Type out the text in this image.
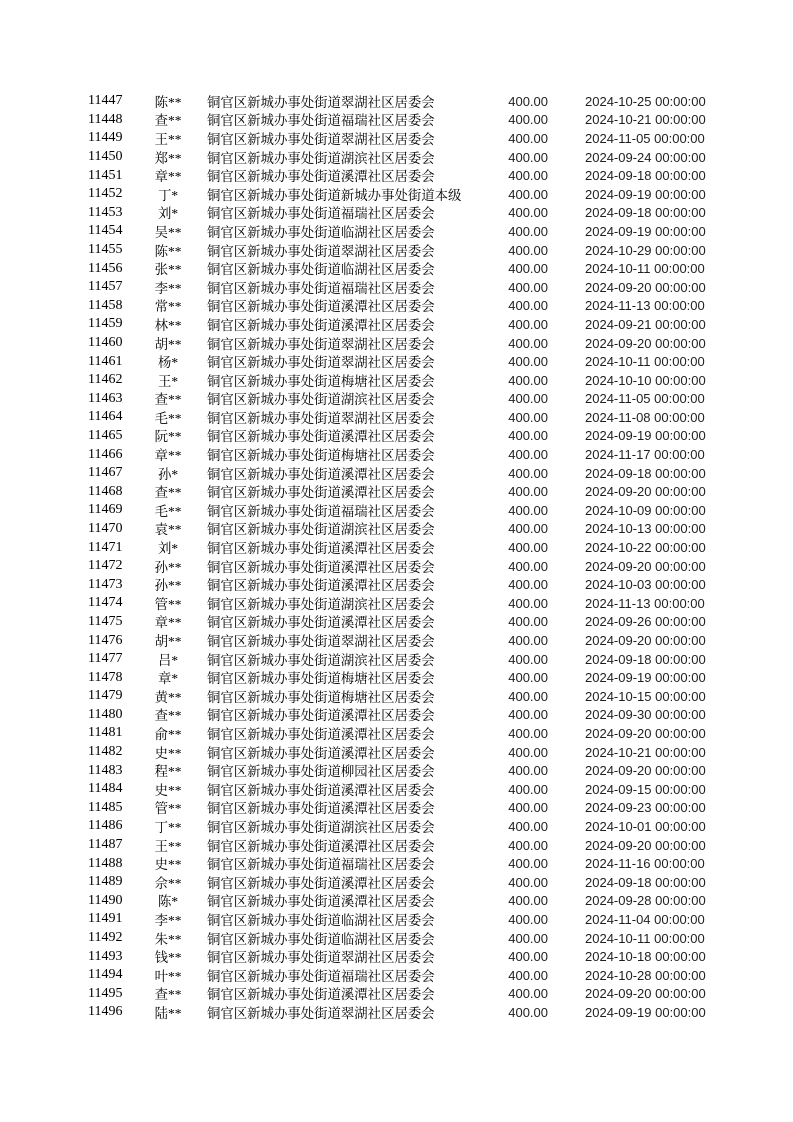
11447	陈**	铜官区新城办事处街道翠湖社区居委会	400.00	2024-10-25 00:00:00
11448	查**	铜官区新城办事处街道福瑞社区居委会	400.00	2024-10-21 00:00:00
11449	王**	铜官区新城办事处街道翠湖社区居委会	400.00	2024-11-05 00:00:00
11450	郑**	铜官区新城办事处街道湖滨社区居委会	400.00	2024-09-24 00:00:00
11451	章**	铜官区新城办事处街道溪潭社区居委会	400.00	2024-09-18 00:00:00
11452	丁*	铜官区新城办事处街道新城办事处街道本级	400.00	2024-09-19 00:00:00
11453	刘*	铜官区新城办事处街道福瑞社区居委会	400.00	2024-09-18 00:00:00
11454	吴**	铜官区新城办事处街道临湖社区居委会	400.00	2024-09-19 00:00:00
11455	陈**	铜官区新城办事处街道翠湖社区居委会	400.00	2024-10-29 00:00:00
11456	张**	铜官区新城办事处街道临湖社区居委会	400.00	2024-10-11 00:00:00
11457	李**	铜官区新城办事处街道福瑞社区居委会	400.00	2024-09-20 00:00:00
11458	常**	铜官区新城办事处街道溪潭社区居委会	400.00	2024-11-13 00:00:00
11459	林**	铜官区新城办事处街道溪潭社区居委会	400.00	2024-09-21 00:00:00
11460	胡**	铜官区新城办事处街道翠湖社区居委会	400.00	2024-09-20 00:00:00
11461	杨*	铜官区新城办事处街道翠湖社区居委会	400.00	2024-10-11 00:00:00
11462	王*	铜官区新城办事处街道梅塘社区居委会	400.00	2024-10-10 00:00:00
11463	查**	铜官区新城办事处街道湖滨社区居委会	400.00	2024-11-05 00:00:00
11464	毛**	铜官区新城办事处街道翠湖社区居委会	400.00	2024-11-08 00:00:00
11465	阮**	铜官区新城办事处街道溪潭社区居委会	400.00	2024-09-19 00:00:00
11466	章**	铜官区新城办事处街道梅塘社区居委会	400.00	2024-11-17 00:00:00
11467	孙*	铜官区新城办事处街道溪潭社区居委会	400.00	2024-09-18 00:00:00
11468	查**	铜官区新城办事处街道溪潭社区居委会	400.00	2024-09-20 00:00:00
11469	毛**	铜官区新城办事处街道福瑞社区居委会	400.00	2024-10-09 00:00:00
11470	袁**	铜官区新城办事处街道湖滨社区居委会	400.00	2024-10-13 00:00:00
11471	刘*	铜官区新城办事处街道溪潭社区居委会	400.00	2024-10-22 00:00:00
11472	孙**	铜官区新城办事处街道溪潭社区居委会	400.00	2024-09-20 00:00:00
11473	孙**	铜官区新城办事处街道溪潭社区居委会	400.00	2024-10-03 00:00:00
11474	管**	铜官区新城办事处街道湖滨社区居委会	400.00	2024-11-13 00:00:00
11475	章**	铜官区新城办事处街道溪潭社区居委会	400.00	2024-09-26 00:00:00
11476	胡**	铜官区新城办事处街道翠湖社区居委会	400.00	2024-09-20 00:00:00
11477	吕*	铜官区新城办事处街道湖滨社区居委会	400.00	2024-09-18 00:00:00
11478	章*	铜官区新城办事处街道梅塘社区居委会	400.00	2024-09-19 00:00:00
11479	黄**	铜官区新城办事处街道梅塘社区居委会	400.00	2024-10-15 00:00:00
11480	查**	铜官区新城办事处街道溪潭社区居委会	400.00	2024-09-30 00:00:00
11481	俞**	铜官区新城办事处街道溪潭社区居委会	400.00	2024-09-20 00:00:00
11482	史**	铜官区新城办事处街道溪潭社区居委会	400.00	2024-10-21 00:00:00
11483	程**	铜官区新城办事处街道柳园社区居委会	400.00	2024-09-20 00:00:00
11484	史**	铜官区新城办事处街道溪潭社区居委会	400.00	2024-09-15 00:00:00
11485	管**	铜官区新城办事处街道溪潭社区居委会	400.00	2024-09-23 00:00:00
11486	丁**	铜官区新城办事处街道湖滨社区居委会	400.00	2024-10-01 00:00:00
11487	王**	铜官区新城办事处街道溪潭社区居委会	400.00	2024-09-20 00:00:00
11488	史**	铜官区新城办事处街道福瑞社区居委会	400.00	2024-11-16 00:00:00
11489	佘**	铜官区新城办事处街道溪潭社区居委会	400.00	2024-09-18 00:00:00
11490	陈*	铜官区新城办事处街道溪潭社区居委会	400.00	2024-09-28 00:00:00
11491	李**	铜官区新城办事处街道临湖社区居委会	400.00	2024-11-04 00:00:00
11492	朱**	铜官区新城办事处街道临湖社区居委会	400.00	2024-10-11 00:00:00
11493	钱**	铜官区新城办事处街道翠湖社区居委会	400.00	2024-10-18 00:00:00
11494	叶**	铜官区新城办事处街道福瑞社区居委会	400.00	2024-10-28 00:00:00
11495	查**	铜官区新城办事处街道溪潭社区居委会	400.00	2024-09-20 00:00:00
11496	陆**	铜官区新城办事处街道翠湖社区居委会	400.00	2024-09-19 00:00:00
